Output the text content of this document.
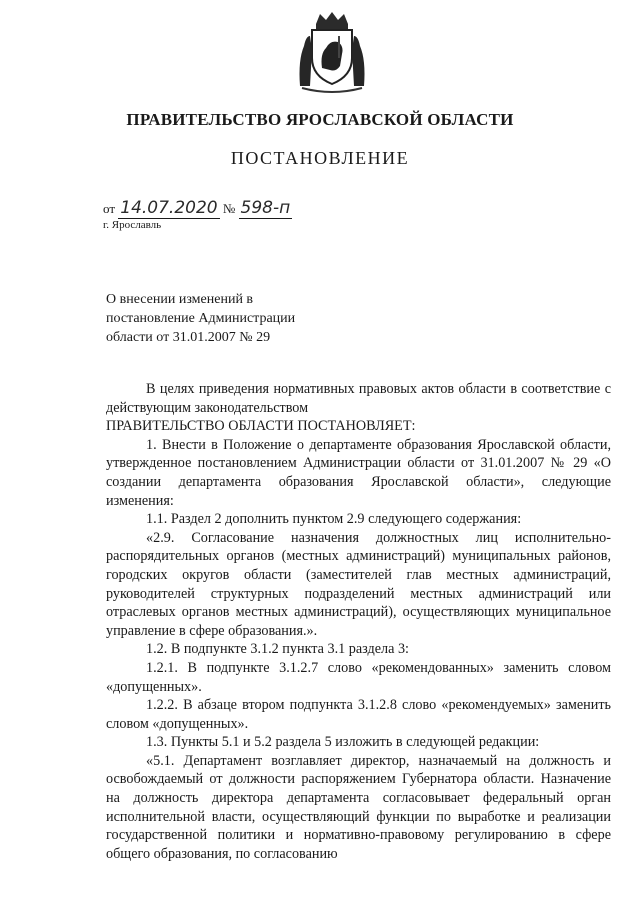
ПРАВИТЕЛЬСТВО ЯРОСЛАВСКОЙ ОБЛАСТИ
ПОСТАНОВЛЕНИЕ
от 14.07.2020 № 598-п
г. Ярославль
О внесении изменений в
постановление Администрации
области от 31.01.2007 № 29

В целях приведения нормативных правовых актов области в соответствие с действующим законодательством

ПРАВИТЕЛЬСТВО ОБЛАСТИ ПОСТАНОВЛЯЕТ:

1. Внести в Положение о департаменте образования Ярославской области, утвержденное постановлением Администрации области от 31.01.2007 № 29 «О создании департамента образования Ярославской области», следующие изменения:

1.1. Раздел 2 дополнить пунктом 2.9 следующего содержания:

«2.9. Согласование назначения должностных лиц исполнительно-распорядительных органов (местных администраций) муниципальных районов, городских округов области (заместителей глав местных администраций, руководителей структурных подразделений местных администраций или отраслевых органов местных администраций), осуществляющих муниципальное управление в сфере образования.».

1.2. В подпункте 3.1.2 пункта 3.1 раздела 3:

1.2.1. В подпункте 3.1.2.7 слово «рекомендованных» заменить словом «допущенных».

1.2.2. В абзаце втором подпункта 3.1.2.8 слово «рекомендуемых» заменить словом «допущенных».

1.3. Пункты 5.1 и 5.2 раздела 5 изложить в следующей редакции:

«5.1. Департамент возглавляет директор, назначаемый на должность и освобождаемый от должности распоряжением Губернатора области. Назначение на должность директора департамента согласовывает федеральный орган исполнительной власти, осуществляющий функции по выработке и реализации государственной политики и нормативно-правовому регулированию в сфере общего образования, по согласованию
